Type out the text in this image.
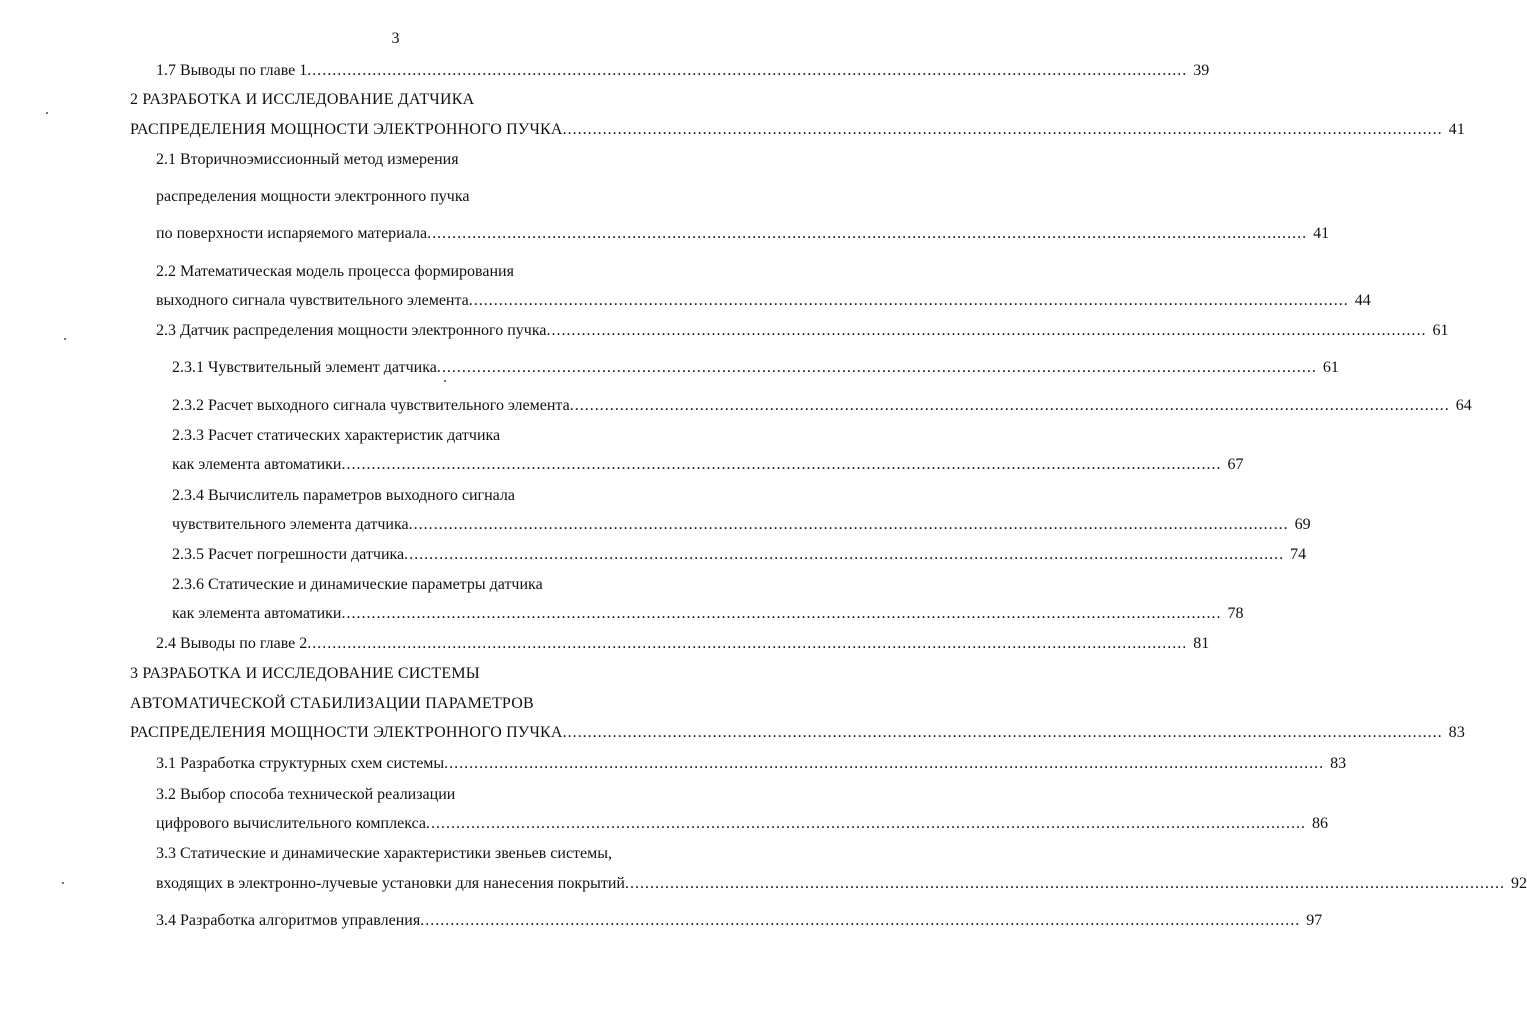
3
1.7 Выводы по главе 1 ................................................................................................................................................................................ 39
2 РАЗРАБОТКА И ИССЛЕДОВАНИЕ ДАТЧИКА
РАСПРЕДЕЛЕНИЯ МОЩНОСТИ ЭЛЕКТРОННОГО ПУЧКА ................................................................................................................................................................................ 41
2.1 Вторичноэмиссионный метод измерения
распределения мощности электронного пучка
по поверхности испаряемого материала ................................................................................................................................................................................ 41
2.2 Математическая модель процесса формирования
выходного сигнала чувствительного элемента ................................................................................................................................................................................ 44
2.3 Датчик распределения мощности электронного пучка ................................................................................................................................................................................ 61
2.3.1 Чувствительный элемент датчика ................................................................................................................................................................................ 61
2.3.2 Расчет выходного сигнала чувствительного элемента ................................................................................................................................................................................ 64
2.3.3 Расчет статических характеристик датчика
как элемента автоматики ................................................................................................................................................................................ 67
2.3.4 Вычислитель параметров выходного сигнала
чувствительного элемента датчика ................................................................................................................................................................................ 69
2.3.5 Расчет погрешности датчика ................................................................................................................................................................................ 74
2.3.6 Статические и динамические параметры датчика
как элемента автоматики ................................................................................................................................................................................ 78
2.4 Выводы по главе 2 ................................................................................................................................................................................ 81
3 РАЗРАБОТКА И ИССЛЕДОВАНИЕ СИСТЕМЫ
АВТОМАТИЧЕСКОЙ СТАБИЛИЗАЦИИ ПАРАМЕТРОВ
РАСПРЕДЕЛЕНИЯ МОЩНОСТИ ЭЛЕКТРОННОГО ПУЧКА ................................................................................................................................................................................ 83
3.1 Разработка структурных схем системы ................................................................................................................................................................................ 83
3.2 Выбор способа технической реализации
цифрового вычислительного комплекса ................................................................................................................................................................................ 86
3.3 Статические и динамические характеристики звеньев системы,
входящих в электронно-лучевые установки для нанесения покрытий ................................................................................................................................................................................ 92
3.4 Разработка алгоритмов управления ................................................................................................................................................................................ 97
